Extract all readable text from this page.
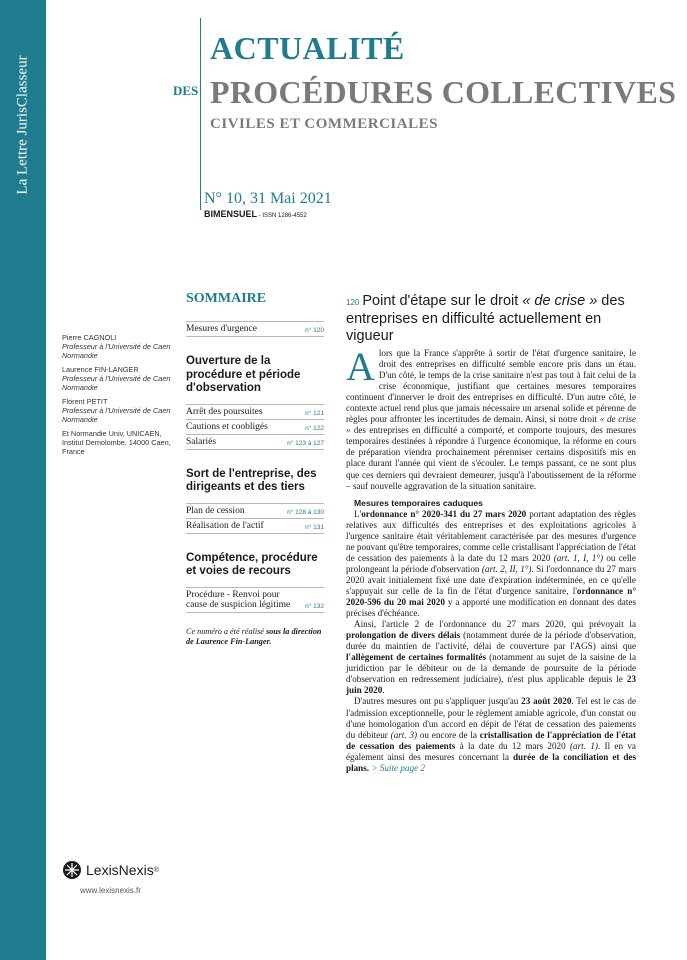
La Lettre JurisClasseur
ACTUALITÉ
DES PROCÉDURES COLLECTIVES
CIVILES ET COMMERCIALES
N° 10, 31 Mai 2021
BIMENSUEL - ISSN 1286-4552
Pierre CAGNOLI
Professeur à l'Université de Caen Normandie
Laurence FIN-LANGER
Professeur à l'Université de Caen Normandie
Florent PETIT
Professeur à l'Université de Caen Normandie
Et Normandie Univ, UNICAEN, Institut Demolombe, 14000 Caen, France
SOMMAIRE
Mesures d'urgence	n° 120
Ouverture de la procédure et période d'observation
Arrêt des poursuites	n° 121
Cautions et coobligés	n° 122
Salariés	n° 123 à 127
Sort de l'entreprise, des dirigeants et des tiers
Plan de cession	n° 128 à 130
Réalisation de l'actif	n° 131
Compétence, procédure et voies de recours
Procédure - Renvoi pour cause de suspicion légitime	n° 132
Ce numéro a été réalisé sous la direction de Laurence Fin-Langer.
120 Point d'étape sur le droit « de crise » des entreprises en difficulté actuellement en vigueur

Alors que la France s'apprête à sortir de l'état d'urgence sanitaire, le droit des entreprises en difficulté semble encore pris dans un étau. D'un côté, le temps de la crise sanitaire n'est pas tout à fait celui de la crise économique, justifiant que certaines mesures temporaires continuent d'innerver le droit des entreprises en difficulté. D'un autre côté, le contexte actuel rend plus que jamais nécessaire un arsenal solide et pérenne de règles pour affronter les incertitudes de demain. Ainsi, si notre droit « de crise » des entreprises en difficulté a comporté, et comporte toujours, des mesures temporaires destinées à répondre à l'urgence économique, la réforme en cours de préparation viendra prochainement pérenniser certains dispositifs mis en place durant l'année qui vient de s'écouler. Le temps passant, ce ne sont plus que ces derniers qui devraient demeurer, jusqu'à l'aboutissement de la réforme – sauf nouvelle aggravation de la situation sanitaire.

Mesures temporaires caduques

L'ordonnance n° 2020-341 du 27 mars 2020 portant adaptation des règles relatives aux difficultés des entreprises et des exploitations agricoles à l'urgence sanitaire était véritablement caractérisée par des mesures d'urgence ne pouvant qu'être temporaires, comme celle cristallisant l'appréciation de l'état de cessation des paiements à la date du 12 mars 2020 (art. 1, I, 1°) ou celle prolongeant la période d'observation (art. 2, II, 1°). Si l'ordonnance du 27 mars 2020 avait initialement fixé une date d'expiration indéterminée, en ce qu'elle s'appuyait sur celle de la fin de l'état d'urgence sanitaire, l'ordonnance n° 2020-596 du 20 mai 2020 y a apporté une modification en donnant des dates précises d'échéance.

Ainsi, l'article 2 de l'ordonnance du 27 mars 2020, qui prévoyait la prolongation de divers délais (notamment durée de la période d'observation, durée du maintien de l'activité, délai de couverture par l'AGS) ainsi que l'allègement de certaines formalités (notamment au sujet de la saisine de la juridiction par le débiteur ou de la demande de poursuite de la période d'observation en redressement judiciaire), n'est plus applicable depuis le 23 juin 2020.

D'autres mesures ont pu s'appliquer jusqu'au 23 août 2020. Tel est le cas de l'admission exceptionnelle, pour le règlement amiable agricole, d'un constat ou d'une homologation d'un accord en dépit de l'état de cessation des paiements du débiteur (art. 3) ou encore de la cristallisation de l'appréciation de l'état de cessation des paiements à la date du 12 mars 2020 (art. 1). Il en va également ainsi des mesures concernant la durée de la conciliation et des plans. > Suite page 2

LexisNexis ®
www.lexisnexis.fr
